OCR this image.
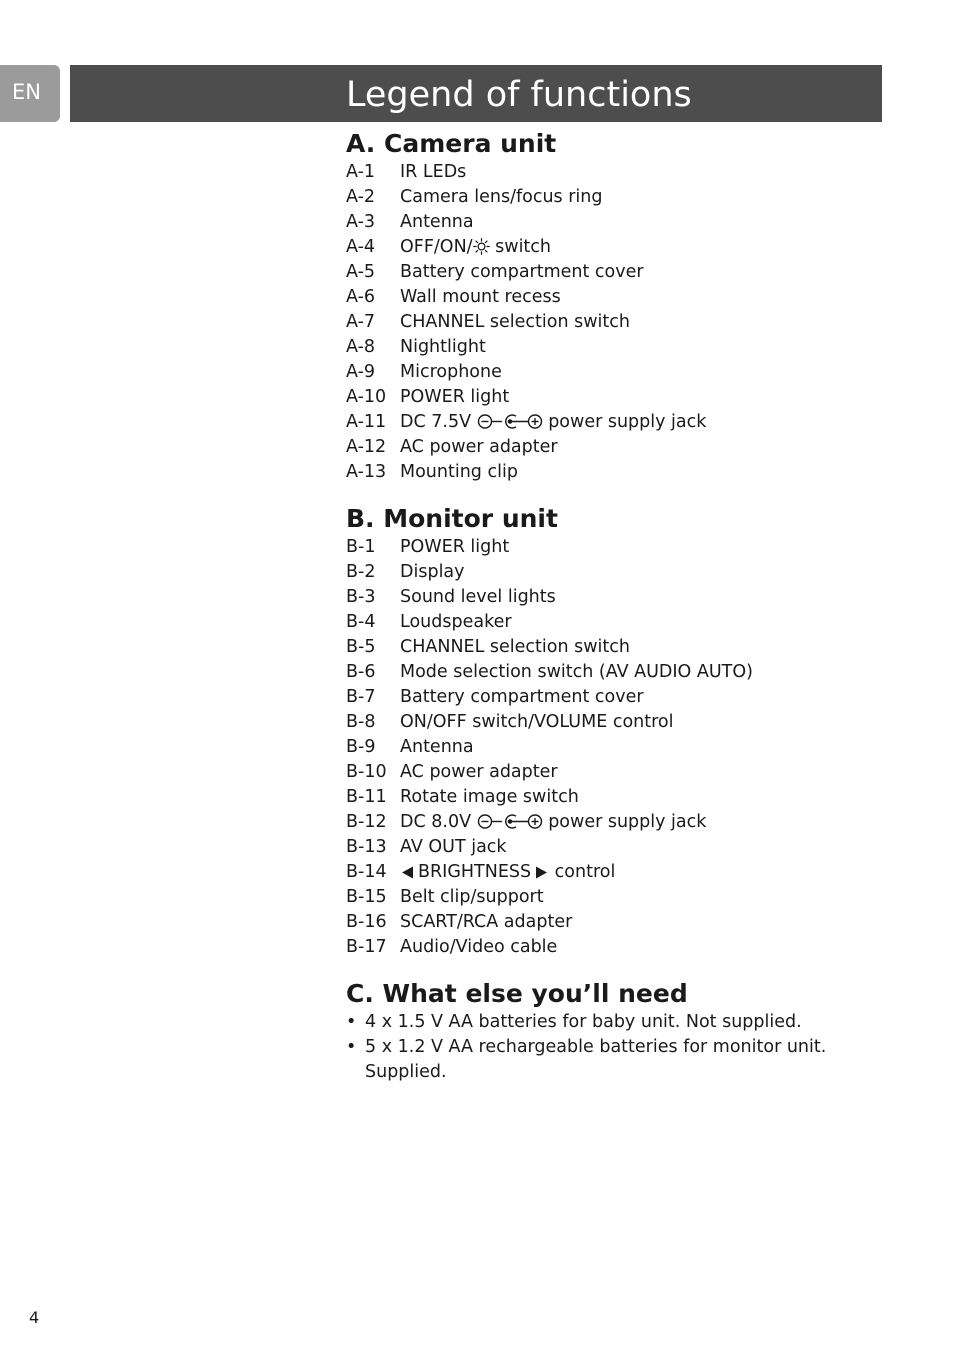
EN	Legend of functions
A. Camera unit
A-1	IR LEDs
A-2	Camera lens/focus ring
A-3	Antenna
A-4	OFF/ON/ switch
A-5	Battery compartment cover
A-6	Wall mount recess
A-7	CHANNEL selection switch
A-8	Nightlight
A-9	Microphone
A-10 POWER light
A-11 DC 7.5V	power supply jack
A-12 AC power adapter
A-13 Mounting clip
B. Monitor unit
B-1	POWER light
B-2	Display
B-3	Sound level lights
B-4	Loudspeaker
B-5	CHANNEL selection switch
B-6	Mode selection switch (AV AUDIO AUTO)
B-7	Battery compartment cover
B-8	ON/OFF switch/VOLUME control
B-9	Antenna
B-10 AC power adapter
B-11 Rotate image switch
B-12 DC 8.0V	power supply jack
B-13 AV OUT jack
B-14	BRIGHTNESS control
B-15 Belt clip/support
B-16 SCART/RCA adapter
B-17 Audio/Video cable
C. What else you’ll need
• 4 x 1.5 V AA batteries for baby unit. Not supplied.
• 5 x 1.2 V AA rechargeable batteries for monitor unit. Supplied.
4
